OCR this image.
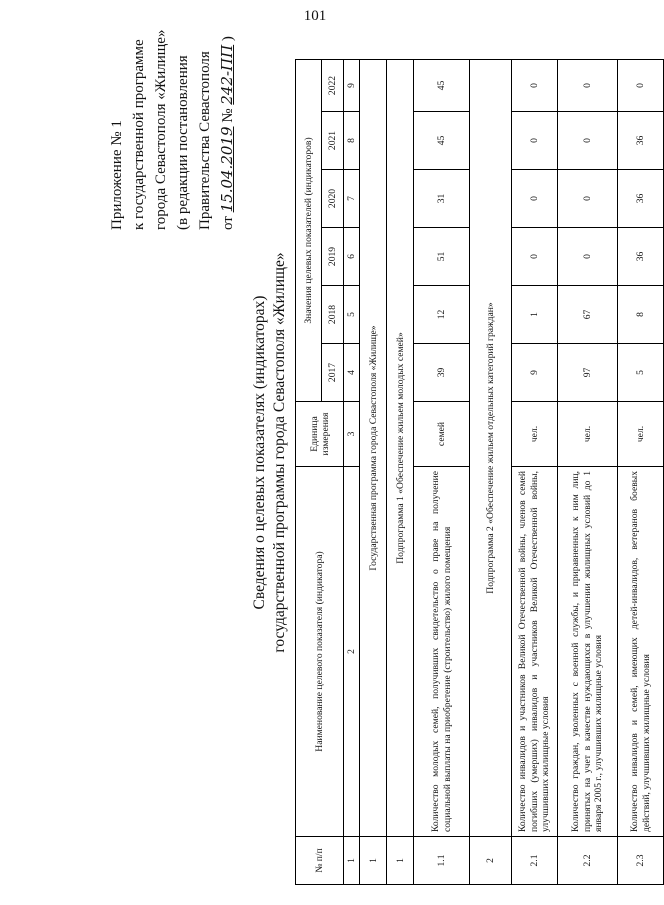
101
Приложение № 1 к государственной программе города Севастополя «Жилище» (в редакции постановления Правительства Севастополя от 15.04.2019 № 242-ПП )
Сведения о целевых показателях (индикаторах) государственной программы города Севастополя «Жилище»
№ п/п	Наименование целевого показателя (индикатора)	Единица измерения	Значения целевых показателей (индикаторов)					
			2017	2018	2019	2020	2021	2022
1	2	3	4	5	6	7	8	9
1	Государственная программа города Севастополя «Жилище»							
1	Подпрограмма 1 «Обеспечение жильем молодых семей»							
1.1	Количество молодых семей, получивших свидетельство о праве на получение социальной выплаты на приобретение (строительство) жилого помещения	семей	39	12	51	31	45	45
2	Подпрограмма 2 «Обеспечение жильем отдельных категорий граждан»							
2.1	Количество инвалидов и участников Великой Отечественной войны, членов семей погибших (умерших) инвалидов и участников Великой Отечественной войны, улучшивших жилищные условия	чел.	9	1	0	0	0	0
2.2	Количество граждан, уволенных с военной службы, и приравненных к ним лиц, принятых на учет в качестве нуждающихся в улучшении жилищных условий до 1 января 2005 г., улучшивших жилищные условия	чел.	97	67	0	0	0	0
2.3	Количество инвалидов и семей, имеющих детей-инвалидов, ветеранов боевых действий, улучшивших жилищные условия	чел.	5	8	36	36	36	0
